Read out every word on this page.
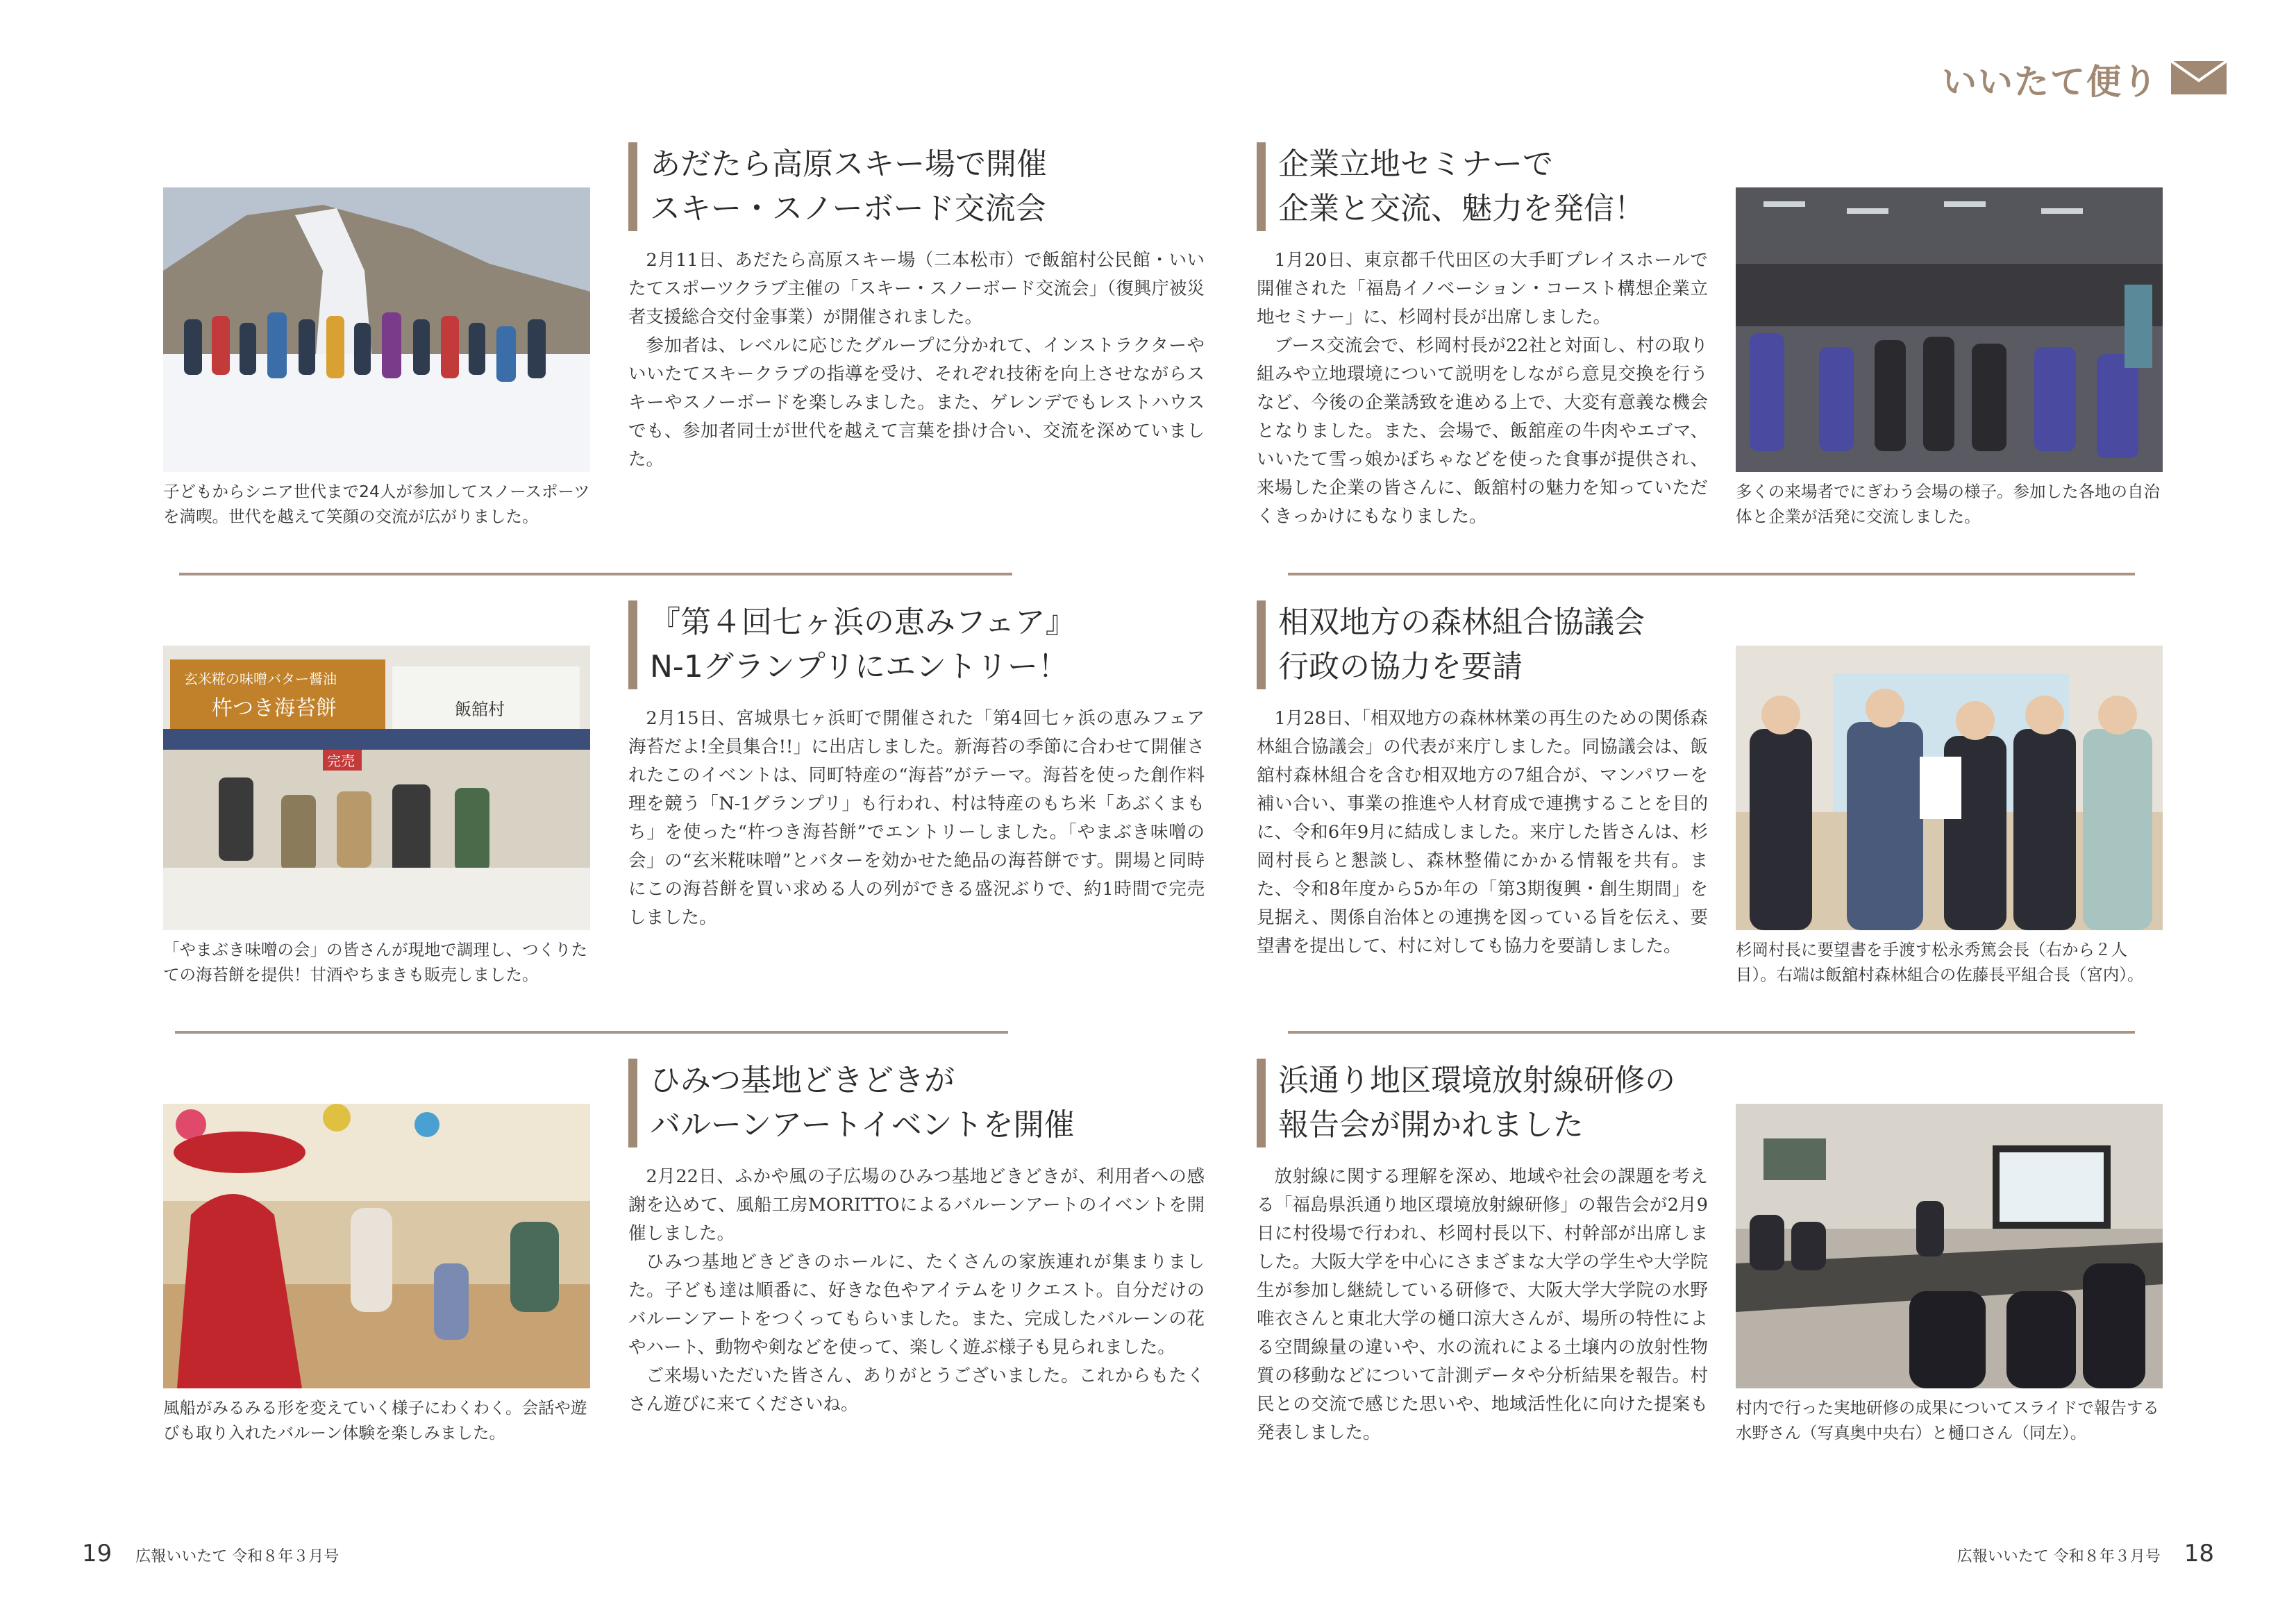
いいたて便り
あだたら高原スキー場で開催
スキー・スノーボード交流会
子どもからシニア世代まで24人が参加してスノースポーツを満喫。世代を越えて笑顔の交流が広がりました。

2月11日、あだたら高原スキー場（二本松市）で飯舘村公民館・いいたてスポーツクラブ主催の「スキー・スノーボード交流会」（復興庁被災者支援総合交付金事業）が開催されました。

参加者は、レベルに応じたグループに分かれて、インストラクターやいいたてスキークラブの指導を受け、それぞれ技術を向上させながらスキーやスノーボードを楽しみました。また、ゲレンデでもレストハウスでも、参加者同士が世代を越えて言葉を掛け合い、交流を深めていました。

『第４回七ヶ浜の恵みフェア』
N-1グランプリにエントリー！
玄米糀の味噌バター醤油
杵つき海苔餅	飯舘村
完売
「やまぶき味噌の会」の皆さんが現地で調理し、つくりたての海苔餅を提供！甘酒やちまきも販売しました。

2月15日、宮城県七ヶ浜町で開催された「第4回七ヶ浜の恵みフェア　海苔だよ!全員集合!!」に出店しました。新海苔の季節に合わせて開催されたこのイベントは、同町特産の“海苔”がテーマ。海苔を使った創作料理を競う「N-1グランプリ」も行われ、村は特産のもち米「あぶくまもち」を使った“杵つき海苔餅”でエントリーしました。「やまぶき味噌の会」の“玄米糀味噌”とバターを効かせた絶品の海苔餅です。開場と同時にこの海苔餅を買い求める人の列ができる盛況ぶりで、約1時間で完売しました。

ひみつ基地どきどきが
バルーンアートイベントを開催
風船がみるみる形を変えていく様子にわくわく。会話や遊びも取り入れたバルーン体験を楽しみました。

2月22日、ふかや風の子広場のひみつ基地どきどきが、利用者への感謝を込めて、風船工房MORITTOによるバルーンアートのイベントを開催しました。

ひみつ基地どきどきのホールに、たくさんの家族連れが集まりました。子ども達は順番に、好きな色やアイテムをリクエスト。自分だけのバルーンアートをつくってもらいました。また、完成したバルーンの花やハート、動物や剣などを使って、楽しく遊ぶ様子も見られました。

ご来場いただいた皆さん、ありがとうございました。これからもたくさん遊びに来てくださいね。

企業立地セミナーで
企業と交流、魅力を発信！

1月20日、東京都千代田区の大手町プレイスホールで開催された「福島イノベーション・コースト構想企業立地セミナー」に、杉岡村長が出席しました。

ブース交流会で、杉岡村長が22社と対面し、村の取り組みや立地環境について説明をしながら意見交換を行うなど、今後の企業誘致を進める上で、大変有意義な機会となりました。また、会場で、飯舘産の牛肉やエゴマ、いいたて雪っ娘かぼちゃなどを使った食事が提供され、来場した企業の皆さんに、飯舘村の魅力を知っていただくきっかけにもなりました。

多くの来場者でにぎわう会場の様子。参加した各地の自治体と企業が活発に交流しました。
相双地方の森林組合協議会
行政の協力を要請

1月28日、「相双地方の森林林業の再生のための関係森林組合協議会」の代表が来庁しました。同協議会は、飯舘村森林組合を含む相双地方の7組合が、マンパワーを補い合い、事業の推進や人材育成で連携することを目的に、令和6年9月に結成しました。来庁した皆さんは、杉岡村長らと懇談し、森林整備にかかる情報を共有。また、令和8年度から5か年の「第3期復興・創生期間」を見据え、関係自治体との連携を図っている旨を伝え、要望書を提出して、村に対しても協力を要請しました。	杉岡村長に要望書を手渡す松永秀篤会長（右から２人目）。右端は飯舘村森林組合の佐藤長平組合長（宮内）。
浜通り地区環境放射線研修の
報告会が開かれました

放射線に関する理解を深め、地域や社会の課題を考える「福島県浜通り地区環境放射線研修」の報告会が2月9日に村役場で行われ、杉岡村長以下、村幹部が出席しました。大阪大学を中心にさまざまな大学の学生や大学院生が参加し継続している研修で、大阪大学大学院の水野唯衣さんと東北大学の樋口涼大さんが、場所の特性による空間線量の違いや、水の流れによる土壌内の放射性物質の移動などについて計測データや分析結果を報告。村民との交流で感じた思いや、地域活性化に向けた提案も発表しました。

村内で行った実地研修の成果についてスライドで報告する水野さん（写真奥中央右）と樋口さん（同左）。
19 広報いいたて 令和８年３月号	広報いいたて 令和８年３月号 18
